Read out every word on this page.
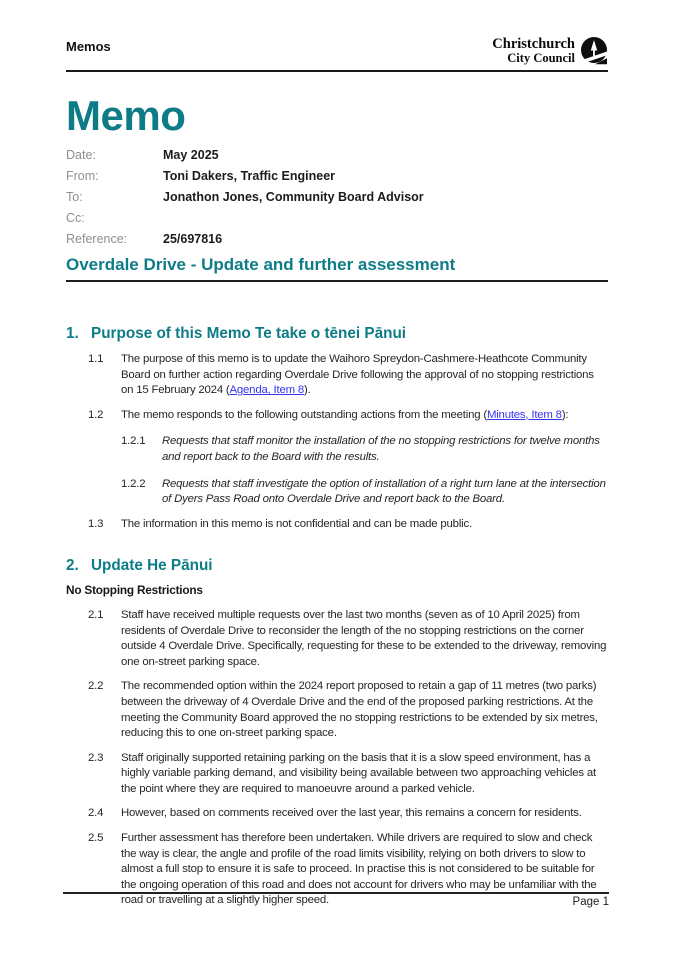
Memos	Christchurch
City Council
Memo
Date:	May 2025
From:	Toni Dakers, Traffic Engineer
To:	Jonathon Jones, Community Board Advisor
Cc:
Reference:	25/697816
Overdale Drive - Update and further assessment
1. Purpose of this Memo Te take o tēnei Pānui
1.1	The purpose of this memo is to update the Waihoro Spreydon-Cashmere-Heathcote Community Board on further action regarding Overdale Drive following the approval of no stopping restrictions on 15 February 2024 (Agenda, Item 8).
1.2	The memo responds to the following outstanding actions from the meeting (Minutes, Item 8):
1.2.1	Requests that staff monitor the installation of the no stopping restrictions for twelve months and report back to the Board with the results.
1.2.2	Requests that staff investigate the option of installation of a right turn lane at the intersection of Dyers Pass Road onto Overdale Drive and report back to the Board.
1.3	The information in this memo is not confidential and can be made public.
2. Update He Pānui
No Stopping Restrictions
2.1	Staff have received multiple requests over the last two months (seven as of 10 April 2025) from residents of Overdale Drive to reconsider the length of the no stopping restrictions on the corner outside 4 Overdale Drive. Specifically, requesting for these to be extended to the driveway, removing one on-street parking space.
2.2	The recommended option within the 2024 report proposed to retain a gap of 11 metres (two parks) between the driveway of 4 Overdale Drive and the end of the proposed parking restrictions. At the meeting the Community Board approved the no stopping restrictions to be extended by six metres, reducing this to one on-street parking space.
2.3	Staff originally supported retaining parking on the basis that it is a slow speed environment, has a highly variable parking demand, and visibility being available between two approaching vehicles at the point where they are required to manoeuvre around a parked vehicle.
2.4	However, based on comments received over the last year, this remains a concern for residents.
2.5	Further assessment has therefore been undertaken. While drivers are required to slow and check the way is clear, the angle and profile of the road limits visibility, relying on both drivers to slow to almost a full stop to ensure it is safe to proceed. In practise this is not considered to be suitable for the ongoing operation of this road and does not account for drivers who may be unfamiliar with the road or travelling at a slightly higher speed.	Page 1
